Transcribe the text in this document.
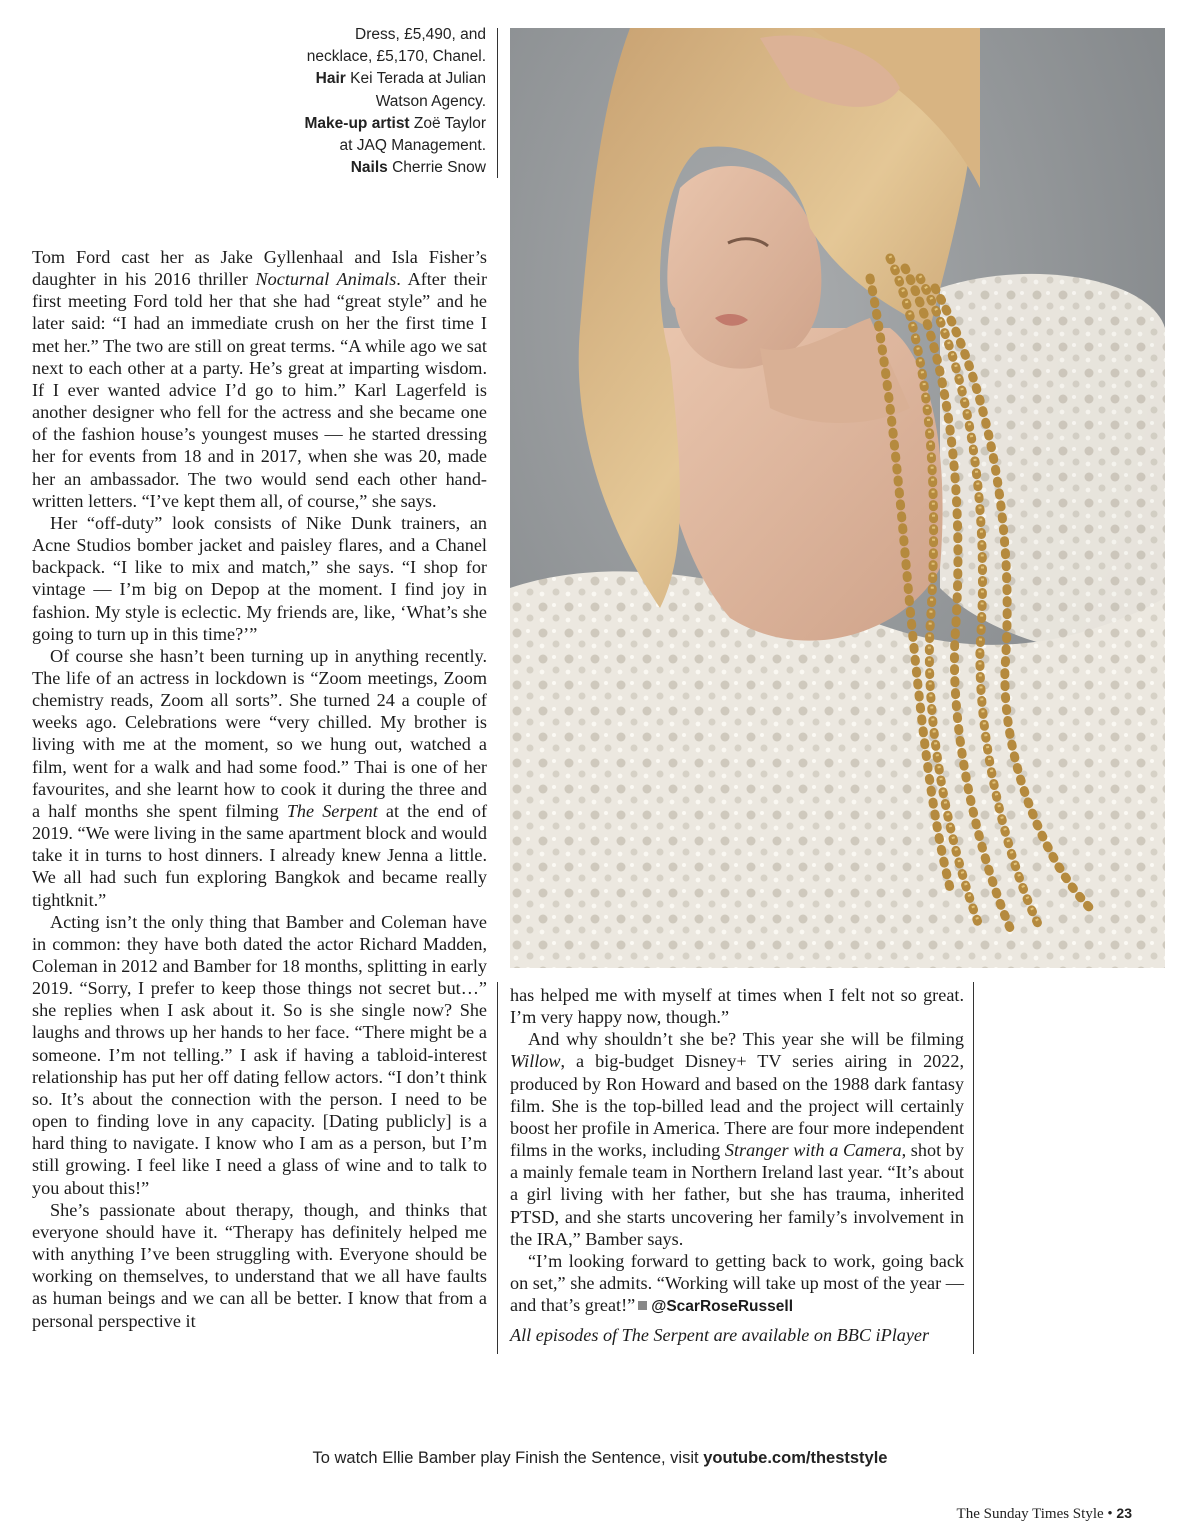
Dress, £5,490, and
necklace, £5,170, Chanel.
Hair Kei Terada at Julian
Watson Agency.
Make-up artist Zoë Taylor
at JAQ Management.
Nails Cherrie Snow

Tom Ford cast her as Jake Gyllenhaal and Isla Fisher’s daughter in his 2016 thriller Nocturnal Animals. After their first meeting Ford told her that she had “great style” and he later said: “I had an immediate crush on her the first time I met her.” The two are still on great terms. “A while ago we sat next to each other at a party. He’s great at imparting wisdom. If I ever wanted advice I’d go to him.” Karl Lagerfeld is another designer who fell for the actress and she became one of the fashion house’s youngest muses — he started dressing her for events from 18 and in 2017, when she was 20, made her an ambassador. The two would send each other hand-written letters. “I’ve kept them all, of course,” she says.

Her “off-duty” look consists of Nike Dunk trainers, an Acne Studios bomber jacket and paisley flares, and a Chanel backpack. “I like to mix and match,” she says. “I shop for vintage — I’m big on Depop at the moment. I find joy in fashion. My style is eclectic. My friends are, like, ‘What’s she going to turn up in this time?’”

Of course she hasn’t been turning up in anything recently. The life of an actress in lockdown is “Zoom meetings, Zoom chemistry reads, Zoom all sorts”. She turned 24 a couple of weeks ago. Celebrations were “very chilled. My brother is living with me at the moment, so we hung out, watched a film, went for a walk and had some food.” Thai is one of her favourites, and she learnt how to cook it during the three and a half months she spent filming The Serpent at the end of 2019. “We were living in the same apartment block and would take it in turns to host dinners. I already knew Jenna a little. We all had such fun exploring Bangkok and became really tightknit.”

Acting isn’t the only thing that Bamber and Coleman have in common: they have both dated the actor Richard Madden, Coleman in 2012 and Bamber for 18 months, splitting in early 2019. “Sorry, I prefer to keep those things not secret but…” she replies when I ask about it. So is she single now? She laughs and throws up her hands to her face. “There might be a someone. I’m not telling.” I ask if having a tabloid-interest relationship has put her off dating fellow actors. “I don’t think so. It’s about the connection with the person. I need to be open to finding love in any capacity. [Dating publicly] is a hard thing to navigate. I know who I am as a person, but I’m still growing. I feel like I need a glass of wine and to talk to you about this!”

She’s passionate about therapy, though, and thinks that everyone should have it. “Therapy has definitely helped me with anything I’ve been struggling with. Everyone should be working on themselves, to understand that we all have faults as human beings and we can all be better. I know that from a personal perspective it

has helped me with myself at times when I felt not so great. I’m very happy now, though.”

And why shouldn’t she be? This year she will be filming Willow, a big-budget Disney+ TV series airing in 2022, produced by Ron Howard and based on the 1988 dark fantasy film. She is the top-billed lead and the project will certainly boost her profile in America. There are four more independent films in the works, including Stranger with a Camera, shot by a mainly female team in Northern Ireland last year. “It’s about a girl living with her father, but she has trauma, inherited PTSD, and she starts uncovering her family’s involvement in the IRA,” Bamber says.

“I’m looking forward to getting back to work, going back on set,” she admits. “Working will take up most of the year — and that’s great!” @ScarRoseRussell

All episodes of The Serpent are available on BBC iPlayer
To watch Ellie Bamber play Finish the Sentence, visit youtube.com/theststyle
The Sunday Times Style • 23
